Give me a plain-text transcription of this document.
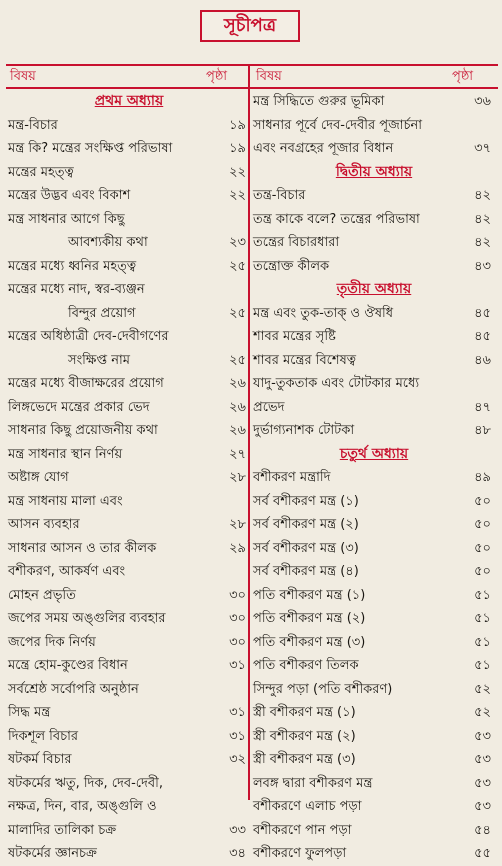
সূচীপত্র
বিষয়	পৃষ্ঠা বিষয়	পৃষ্ঠা
প্রথম অধ্যায়
মন্ত্র-বিচার	১৯
মন্ত্র কি? মন্ত্রের সংক্ষিপ্ত পরিভাষা	১৯
মন্ত্রের মহত্ত্ব	২২
মন্ত্রের উদ্ভব এবং বিকাশ	২২
মন্ত্র সাধনার আগে কিছু
আবশ্যকীয় কথা	২৩
মন্ত্রের মধ্যে ধ্বনির মহত্ত্ব	২৫
মন্ত্রের মধ্যে নাদ, স্বর-ব্যঞ্জন
বিন্দুর প্রয়োগ	২৫
মন্ত্রের অধিষ্ঠাত্রী দেব-দেবীগণের
সংক্ষিপ্ত নাম	২৫
মন্ত্রের মধ্যে বীজাক্ষরের প্রয়োগ	২৬
লিঙ্গভেদে মন্ত্রের প্রকার ভেদ	২৬
সাধনার কিছু প্রয়োজনীয় কথা	২৬
মন্ত্র সাধনার স্থান নির্ণয়	২৭
অষ্টাঙ্গ যোগ	২৮
মন্ত্র সাধনায় মালা এবং
আসন ব্যবহার	২৮
সাধনার আসন ও তার কীলক	২৯
বশীকরণ, আকর্ষণ এবং
মোহন প্রভৃতি	৩০
জপের সময় অঙ্গুলির ব্যবহার	৩০
জপের দিক নির্ণয়	৩০
মন্ত্রে হোম-কুণ্ডের বিধান	৩১
সর্বশ্রেষ্ঠ সর্বোপরি অনুষ্ঠান
সিদ্ধ মন্ত্র	৩১
দিকশূল বিচার	৩১
ষটকর্ম বিচার	৩২
ষটকর্মের ঋতু, দিক, দেব-দেবী,
নক্ষত্র, দিন, বার, অঙ্গুলি ও
মালাদির তালিকা চক্র	৩৩
ষটকর্মের জ্ঞানচক্র	৩৪
মন্ত্র সিদ্ধিতে গুরুর ভূমিকা	৩৬
সাধনার পূর্বে দেব-দেবীর পূজার্চনা
এবং নবগ্রহের পূজার বিধান	৩৭
দ্বিতীয় অধ্যায়
তন্ত্র-বিচার	৪২
তন্ত্র কাকে বলে? তন্ত্রের পরিভাষা	৪২
তন্ত্রের বিচারধারা	৪২
তন্ত্রোক্ত কীলক	৪৩
তৃতীয় অধ্যায়
মন্ত্র এবং তুক-তাক্‌ ও ঔষধি	৪৫
শাবর মন্ত্রের সৃষ্টি	৪৫
শাবর মন্ত্রের বিশেষত্ব	৪৬
যাদু-তুকতাক এবং টোটকার মধ্যে
প্রভেদ	৪৭
দুর্ভাগ্যনাশক টোটকা	৪৮
চতুর্থ অধ্যায়
বশীকরণ মন্ত্রাদি	৪৯
সর্ব বশীকরণ মন্ত্র (১)	৫০
সর্ব বশীকরণ মন্ত্র (২)	৫০
সর্ব বশীকরণ মন্ত্র (৩)	৫০
সর্ব বশীকরণ মন্ত্র (৪)	৫০
পতি বশীকরণ মন্ত্র (১)	৫১
পতি বশীকরণ মন্ত্র (২)	৫১
পতি বশীকরণ মন্ত্র (৩)	৫১
পতি বশীকরণ তিলক	৫১
সিন্দুর পড়া (পতি বশীকরণ)	৫২
স্ত্রী বশীকরণ মন্ত্র (১)	৫২
স্ত্রী বশীকরণ মন্ত্র (২)	৫৩
স্ত্রী বশীকরণ মন্ত্র (৩)	৫৩
লবঙ্গ দ্বারা বশীকরণ মন্ত্র	৫৩
বশীকরণে এলাচ পড়া	৫৩
বশীকরণে পান পড়া	৫৪
বশীকরণে ফুলপড়া	৫৫
